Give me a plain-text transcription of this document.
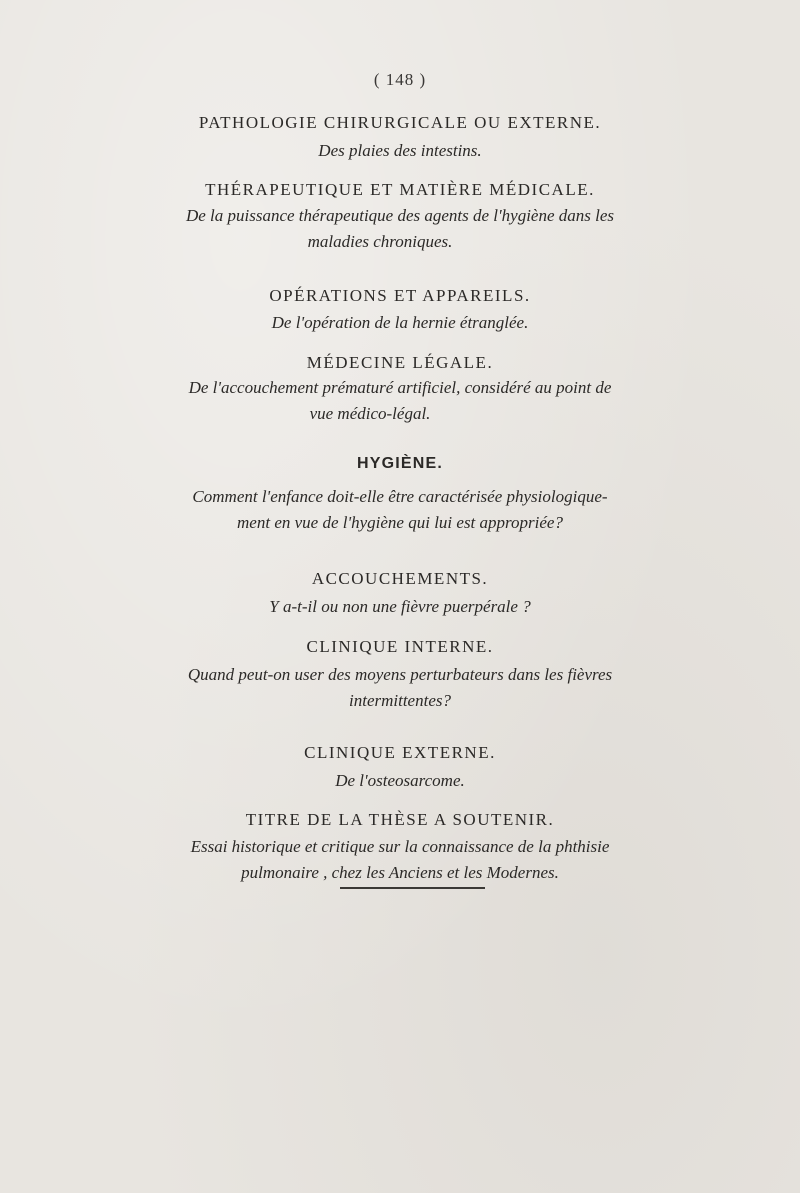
( 148 )
PATHOLOGIE CHIRURGICALE OU EXTERNE.
Des plaies des intestins.
THÉRAPEUTIQUE ET MATIÈRE MÉDICALE.
De la puissance thérapeutique des agents de l'hygiène dans les
maladies chroniques.
OPÉRATIONS ET APPAREILS.
De l'opération de la hernie étranglée.
MÉDECINE LÉGALE.
De l'accouchement prématuré artificiel, considéré au point de
vue médico-légal.
HYGIÈNE.
Comment l'enfance doit-elle être caractérisée physiologique-
ment en vue de l'hygiène qui lui est appropriée?
ACCOUCHEMENTS.
Y a-t-il ou non une fièvre puerpérale ?
CLINIQUE INTERNE.
Quand peut-on user des moyens perturbateurs dans les fièvres
intermittentes?
CLINIQUE EXTERNE.
De l'osteosarcome.
TITRE DE LA THÈSE A SOUTENIR.
Essai historique et critique sur la connaissance de la phthisie
pulmonaire , chez les Anciens et les Modernes.
